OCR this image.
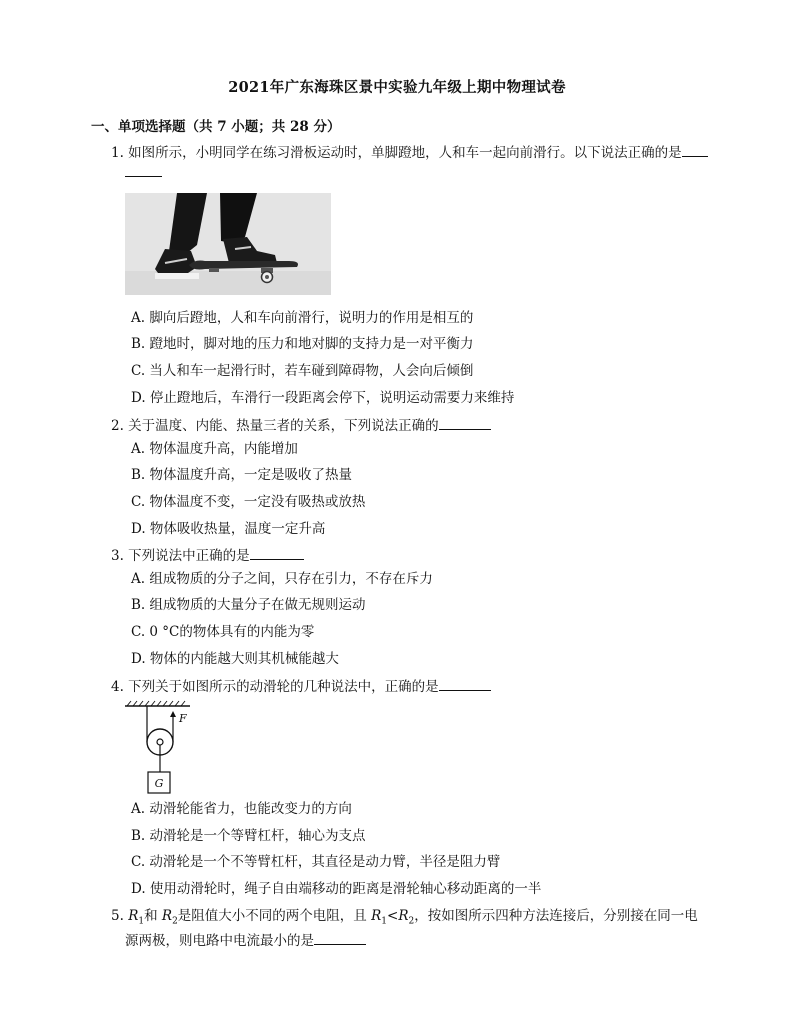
2021年广东海珠区景中实验九年级上期中物理试卷
一、单项选择题（共 7 小题；共 28 分）
1. 如图所示，小明同学在练习滑板运动时，单脚蹬地，人和车一起向前滑行。以下说法正确的是
A. 脚向后蹬地，人和车向前滑行，说明力的作用是相互的
B. 蹬地时，脚对地的压力和地对脚的支持力是一对平衡力
C. 当人和车一起滑行时，若车碰到障碍物，人会向后倾倒
D. 停止蹬地后，车滑行一段距离会停下，说明运动需要力来维持
2. 关于温度、内能、热量三者的关系，下列说法正确的
A. 物体温度升高，内能增加
B. 物体温度升高，一定是吸收了热量
C. 物体温度不变，一定没有吸热或放热
D. 物体吸收热量，温度一定升高
3. 下列说法中正确的是
A. 组成物质的分子之间，只存在引力，不存在斥力
B. 组成物质的大量分子在做无规则运动
C. 0 °C的物体具有的内能为零
D. 物体的内能越大则其机械能越大
4. 下列关于如图所示的动滑轮的几种说法中，正确的是
F
G
A. 动滑轮能省力，也能改变力的方向
B. 动滑轮是一个等臂杠杆，轴心为支点
C. 动滑轮是一个不等臂杠杆，其直径是动力臂，半径是阻力臂
D. 使用动滑轮时，绳子自由端移动的距离是滑轮轴心移动距离的一半
5. $R_1$和 $R_2$是阻值大小不同的两个电阻，且 $R_1<R_2$，按如图所示四种方法连接后，分别接在同一电
源两极，则电路中电流最小的是
